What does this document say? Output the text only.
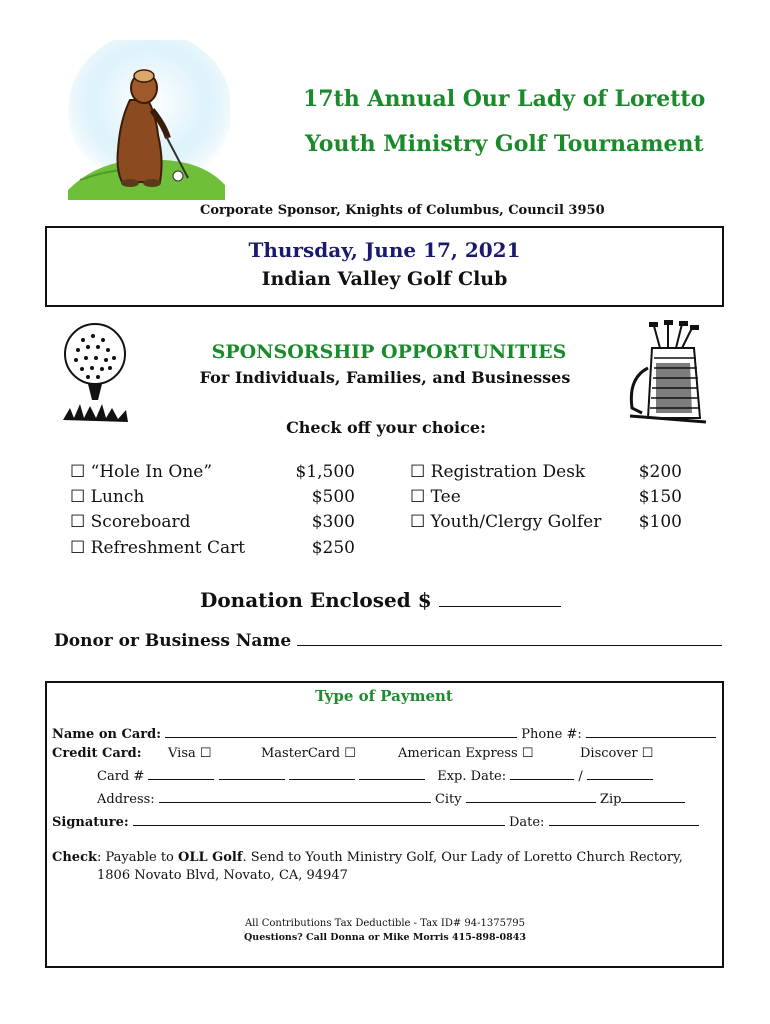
17th Annual Our Lady of Loretto
Youth Ministry Golf Tournament
Corporate Sponsor, Knights of Columbus, Council 3950
Thursday, June 17, 2021
Indian Valley Golf Club
SPONSORSHIP OPPORTUNITIES
For Individuals, Families, and Businesses
Check off your choice:
☐ “Hole In One”	$1,500
☐ Lunch	$500
☐ Scoreboard	$300
☐ Refreshment Cart	$250
☐ Registration Desk	$200
☐ Tee	$150
☐ Youth/Clergy Golfer	$100
Donation Enclosed $
Donor or Business Name
Type of Payment
Name on Card:	Phone #:
Credit Card: Visa ☐	MasterCard ☐	American Express ☐	Discover ☐
Card #	Exp. Date:	/
Address:	City	Zip
Signature:	Date:
Check: Payable to OLL Golf. Send to Youth Ministry Golf, Our Lady of Loretto Church Rectory,
1806 Novato Blvd, Novato, CA, 94947
All Contributions Tax Deductible - Tax ID# 94-1375795
Questions? Call Donna or Mike Morris 415-898-0843
